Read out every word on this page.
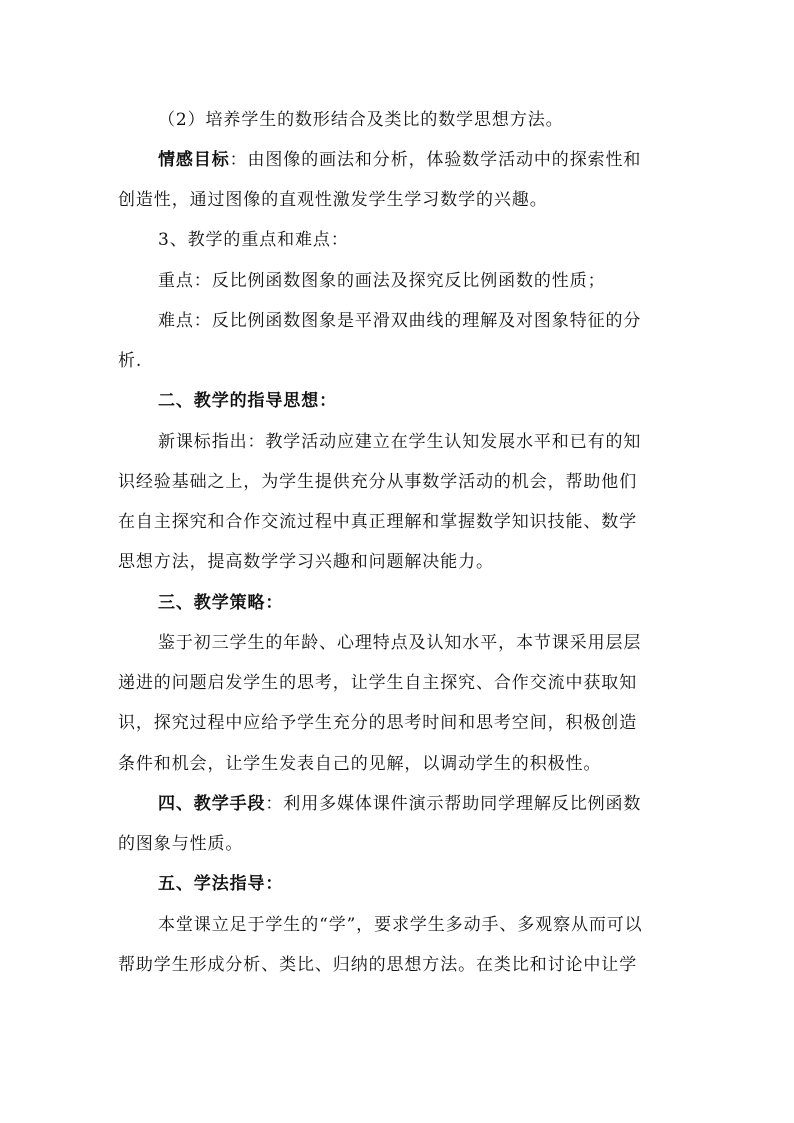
（2）培养学生的数形结合及类比的数学思想方法。
情感目标：由图像的画法和分析，体验数学活动中的探索性和
创造性，通过图像的直观性激发学生学习数学的兴趣。
3、教学的重点和难点：
重点：反比例函数图象的画法及探究反比例函数的性质；
难点：反比例函数图象是平滑双曲线的理解及对图象特征的分
析.
二、教学的指导思想：
新课标指出：教学活动应建立在学生认知发展水平和已有的知
识经验基础之上，为学生提供充分从事数学活动的机会，帮助他们
在自主探究和合作交流过程中真正理解和掌握数学知识技能、数学
思想方法，提高数学学习兴趣和问题解决能力。
三、教学策略：
鉴于初三学生的年龄、心理特点及认知水平，本节课采用层层
递进的问题启发学生的思考，让学生自主探究、合作交流中获取知
识，探究过程中应给予学生充分的思考时间和思考空间，积极创造
条件和机会，让学生发表自己的见解，以调动学生的积极性。
四、教学手段：利用多媒体课件演示帮助同学理解反比例函数
的图象与性质。
五、学法指导：
本堂课立足于学生的“学”，要求学生多动手、多观察从而可以
帮助学生形成分析、类比、归纳的思想方法。在类比和讨论中让学
